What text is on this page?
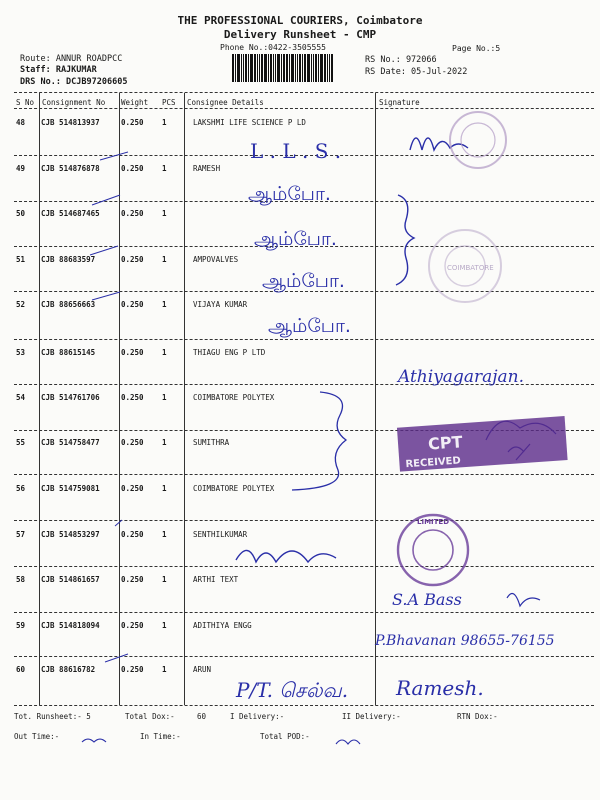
THE PROFESSIONAL COURIERS, Coimbatore
Delivery Runsheet - CMP
Phone No.:0422-3505555	Page No.:5
Route: ANNUR ROADPCC
Staff: RAJKUMAR
DRS No.: DCJB97206605
RS No.: 972066
RS Date: 05-Jul-2022
S No Consignment No Weight PCS Consignee Details	Signature
48 CJB 514813937	0.250 1	LAKSHMI LIFE SCIENCE P LD
49 CJB 514876878	0.250 1	RAMESH
50 CJB 514687465	0.250 1
51 CJB 88683597	0.250 1	AMPOVALVES
52 CJB 88656663	0.250 1	VIJAYA KUMAR
53 CJB 88615145	0.250 1	THIAGU ENG P LTD
54 CJB 514761706	0.250 1	COIMBATORE POLYTEX
55 CJB 514758477	0.250 1	SUMITHRA
56 CJB 514759081	0.250 1	COIMBATORE POLYTEX
57 CJB 514853297	0.250 1	SENTHILKUMAR
58 CJB 514861657	0.250 1	ARTHI TEXT
59 CJB 514818094	0.250 1	ADITHIYA ENGG
60 CJB 88616782	0.250 1	ARUN
Tot. Runsheet:- 5	Total Dox:-	60	I Delivery:-	II Delivery:-	RTN Dox:-
Out Time:-	In Time:-	Total POD:-
L . L . S .
ஆம்போ.
ஆம்போ.
ஆம்போ.
ஆம்போ.
Athiyagarajan.
S.A Bass
P.Bhavanan 98655-76155
P/T. செல்வ. Ramesh.
COIMBATORE
CPT
RECEIVED
LIMITED
